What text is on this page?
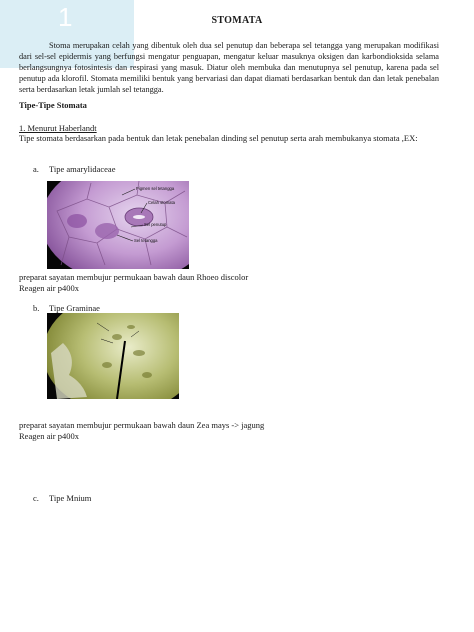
1	STOMATA
Stoma merupakan celah yang dibentuk oleh dua sel penutup dan beberapa sel tetangga yang merupakan modifikasi dari sel-sel epidermis yang berfungsi mengatur penguapan, mengatur keluar masuknya oksigen dan karbondioksida selama berlangsungnya fotosintesis dan respirasi yang masuk. Diatur oleh membuka dan menutupnya sel penutup, karena pada sel penutup ada klorofil. Stomata memiliki bentuk yang bervariasi dan dapat diamati berdasarkan bentuk dan dan letak penebalan serta berdasarkan letak jumlah sel tetangga.
Tipe-Tipe Stomata
1. Menurut Haberlandt
Tipe stomata berdasarkan pada bentuk dan letak penebalan dinding sel penutup serta arah membukanya stomata ,EX:
a. Tipe amarylidaceae
Pigmen sel tetangga
Celah stomata
Sel penutup
Sel tetangga
preparat sayatan membujur permukaan bawah daun Rhoeo discolor
Reagen air p400x
b. Tipe Graminae
preparat sayatan membujur permukaan bawah daun Zea mays -> jagung
Reagen air p400x
c. Tipe Mnium
